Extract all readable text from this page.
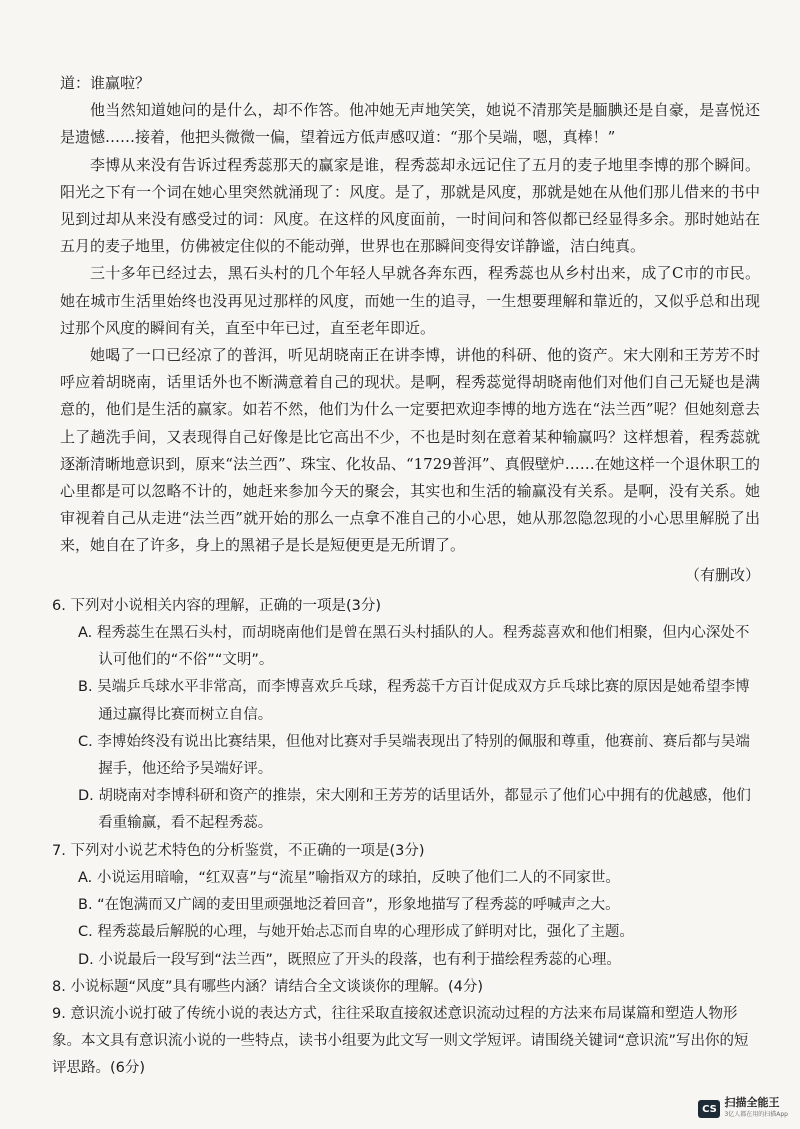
道：谁赢啦？

他当然知道她问的是什么，却不作答。他冲她无声地笑笑，她说不清那笑是腼腆还是自豪，是喜悦还是遗憾……接着，他把头微微一偏，望着远方低声感叹道：“那个吴端，嗯，真棒！”

李博从来没有告诉过程秀蕊那天的赢家是谁，程秀蕊却永远记住了五月的麦子地里李博的那个瞬间。阳光之下有一个词在她心里突然就涌现了：风度。是了，那就是风度，那就是她在从他们那儿借来的书中见到过却从来没有感受过的词：风度。在这样的风度面前，一时间问和答似都已经显得多余。那时她站在五月的麦子地里，仿佛被定住似的不能动弹，世界也在那瞬间变得安详静谧，洁白纯真。

三十多年已经过去，黑石头村的几个年轻人早就各奔东西，程秀蕊也从乡村出来，成了C市的市民。她在城市生活里始终也没再见过那样的风度，而她一生的追寻，一生想要理解和靠近的，又似乎总和出现过那个风度的瞬间有关，直至中年已过，直至老年即近。

她喝了一口已经凉了的普洱，听见胡晓南正在讲李博，讲他的科研、他的资产。宋大刚和王芳芳不时呼应着胡晓南，话里话外也不断满意着自己的现状。是啊，程秀蕊觉得胡晓南他们对他们自己无疑也是满意的，他们是生活的赢家。如若不然，他们为什么一定要把欢迎李博的地方选在“法兰西”呢？但她刻意去上了趟洗手间，又表现得自己好像是比它高出不少，不也是时刻在意着某种输赢吗？这样想着，程秀蕊就逐渐清晰地意识到，原来“法兰西”、珠宝、化妆品、“1729普洱”、真假壁炉……在她这样一个退休职工的心里都是可以忽略不计的，她赶来参加今天的聚会，其实也和生活的输赢没有关系。是啊，没有关系。她审视着自己从走进“法兰西”就开始的那么一点拿不准自己的小心思，她从那忽隐忽现的小心思里解脱了出来，她自在了许多，身上的黑裙子是长是短便更是无所谓了。

（有删改）

6. 下列对小说相关内容的理解，正确的一项是(3分)

A. 程秀蕊生在黑石头村，而胡晓南他们是曾在黑石头村插队的人。程秀蕊喜欢和他们相聚，但内心深处不认可他们的“不俗”“文明”。

B. 吴端乒乓球水平非常高，而李博喜欢乒乓球，程秀蕊千方百计促成双方乒乓球比赛的原因是她希望李博通过赢得比赛而树立自信。

C. 李博始终没有说出比赛结果，但他对比赛对手吴端表现出了特别的佩服和尊重，他赛前、赛后都与吴端握手，他还给予吴端好评。

D. 胡晓南对李博科研和资产的推崇，宋大刚和王芳芳的话里话外，都显示了他们心中拥有的优越感，他们看重输赢，看不起程秀蕊。

7. 下列对小说艺术特色的分析鉴赏，不正确的一项是(3分)

A. 小说运用暗喻，“红双喜”与“流星”喻指双方的球拍，反映了他们二人的不同家世。

B. “在饱满而又广阔的麦田里顽强地泛着回音”，形象地描写了程秀蕊的呼喊声之大。

C. 程秀蕊最后解脱的心理，与她开始忐忑而自卑的心理形成了鲜明对比，强化了主题。

D. 小说最后一段写到“法兰西”，既照应了开头的段落，也有利于描绘程秀蕊的心理。

8. 小说标题“风度”具有哪些内涵？请结合全文谈谈你的理解。(4分)

9. 意识流小说打破了传统小说的表达方式，往往采取直接叙述意识流动过程的方法来布局谋篇和塑造人物形象。本文具有意识流小说的一些特点，读书小组要为此文写一则文学短评。请围绕关键词“意识流”写出你的短评思路。(6分)

CS 扫描全能王
3亿人都在用的扫描App
